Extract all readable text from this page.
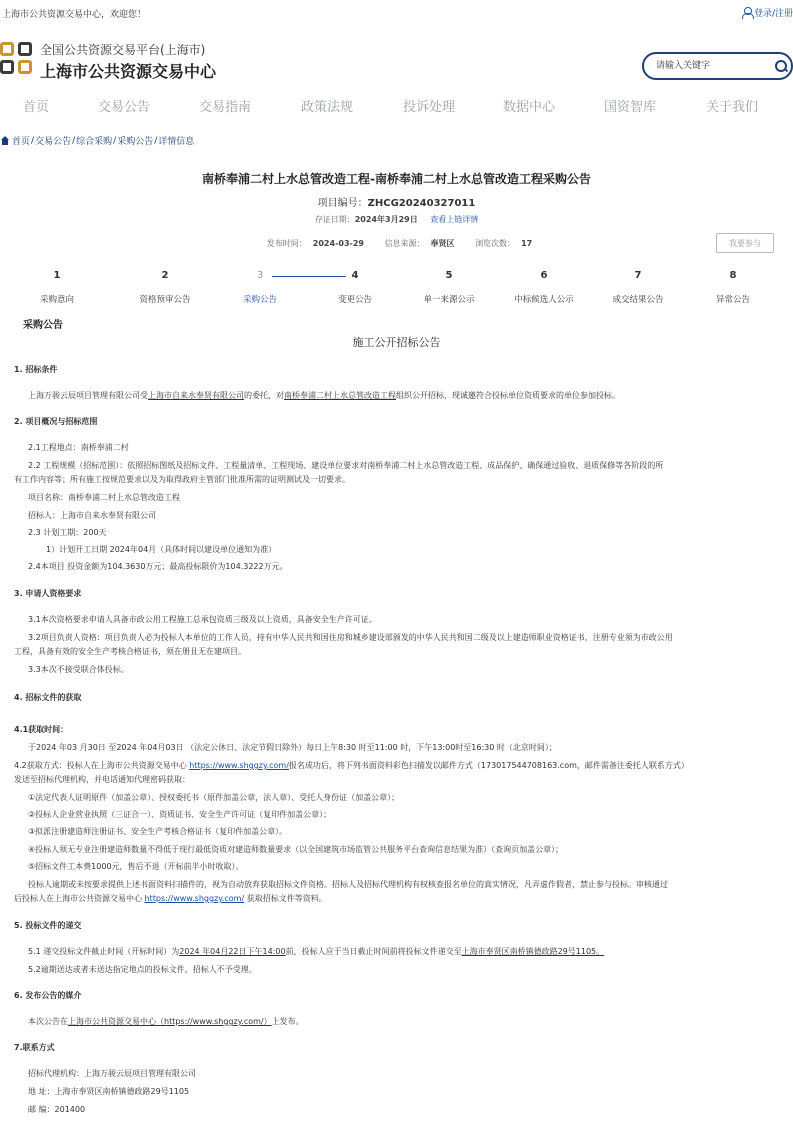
上海市公共资源交易中心，欢迎您！	登录/注册
全国公共资源交易平台(上海市)
上海市公共资源交易中心
请输入关键字
首页	交易公告	交易指南	政策法规	投诉处理	数据中心	国资智库	关于我们
首页 / 交易公告 / 综合采购 / 采购公告 / 详情信息
南桥奉浦二村上水总管改造工程-南桥奉浦二村上水总管改造工程采购公告
项目编号：ZHCG20240327011
存证日期：2024年3月29日 查看上链详情
发布时间： 2024-03-29	信息来源： 奉贤区	浏览次数： 17	我要参与
1
采购意向
2
资格预审公告
3
采购公告
4
变更公告
5
单一来源公示
6
中标候选人公示
7
成交结果公告
8
异常公告
采购公告
施工公开招标公告
1. 招标条件
上海万骏云辰项目管理有限公司受上海市自来水奉贤有限公司的委托，对南桥奉浦二村上水总管改造工程组织公开招标，现诚邀符合投标单位资质要求的单位参加投标。
2. 项目概况与招标范围
2.1工程地点：南桥奉浦二村
2.2 工程规模（招标范围）：依照招标图纸及招标文件、工程量清单、工程现场、建设单位要求对南桥奉浦二村上水总管改造工程、成品保护、确保通过验收、退质保修等各阶段的所
有工作内容等；所有施工按规范要求以及为取得政府主管部门批准所需的证明测试及一切要求。
项目名称：南桥奉浦二村上水总管改造工程
招标人：上海市自来水奉贤有限公司
2.3 计划工期：200天
1）计划开工日期 2024年04月（具体时间以建设单位通知为准）
2.4本项目 投资金额为104.3630万元；最高投标限价为104.3222万元。
3. 申请人资格要求
3.1本次资格要求申请人具备市政公用工程施工总承包资质三级及以上资质，具备安全生产许可证。
3.2项目负责人资格：项目负责人必为投标人本单位的工作人员，持有中华人民共和国住房和城乡建设部颁发的中华人民共和国二级及以上建造师职业资格证书，注册专业须为市政公用
工程，具备有效的安全生产考核合格证书，须在册且无在建项目。
3.3本次不接受联合体投标。
4. 招标文件的获取
4.1获取时间：
于2024 年03 月30日 至2024 年04月03日 （法定公休日、法定节假日除外）每日上午8:30 时至11:00 时，下午13:00时至16:30 时（北京时间）；
4.2获取方式：投标人在上海市公共资源交易中心 https://www.shggzy.com/报名成功后，将下列书面资料彩色扫描发以邮件方式（173017544708163.com，邮件需备注委托人联系方式）
发送至招标代理机构，并电话通知代理密码获取：
①法定代表人证明原件（加盖公章）、授权委托书（原件加盖公章，法人章）、受托人身份证（加盖公章）；
②投标人企业营业执照（三证合一）、资质证书、安全生产许可证（复印件加盖公章）；
③拟派注册建造师注册证书、安全生产考核合格证书（复印件加盖公章）。
④投标人须无专业注册建造师数量不得低于现行最低资质对建造师数量要求（以全国建筑市场监管公共服务平台查询信息结果为准）（查询页加盖公章）；
⑤招标文件工本费1000元，售后不退（开标前半小时收取）。
投标人逾期或未按要求提供上述书面资料扫描件的，视为自动放弃获取招标文件资格。招标人及招标代理机构有权核查报名单位的真实情况，凡弄虚作假者，禁止参与投标。审核通过
后投标人在上海市公共资源交易中心 https://www.shggzy.com/ 获取招标文件等资料。
5. 投标文件的递交
5.1 递交投标文件截止时间（开标时间）为2024 年04月22日下午14:00前，投标人应于当日截止时间前将投标文件递交至上海市奉贤区南桥镇德政路29号1105。
5.2逾期送达或者未送达指定地点的投标文件，招标人不予受理。
6. 发布公告的媒介
本次公告在上海市公共资源交易中心（https://www.shggzy.com/）上发布。
7.联系方式
招标代理机构：上海万骏云辰项目管理有限公司
地 址：上海市奉贤区南桥镇德政路29号1105
邮 编：201400
